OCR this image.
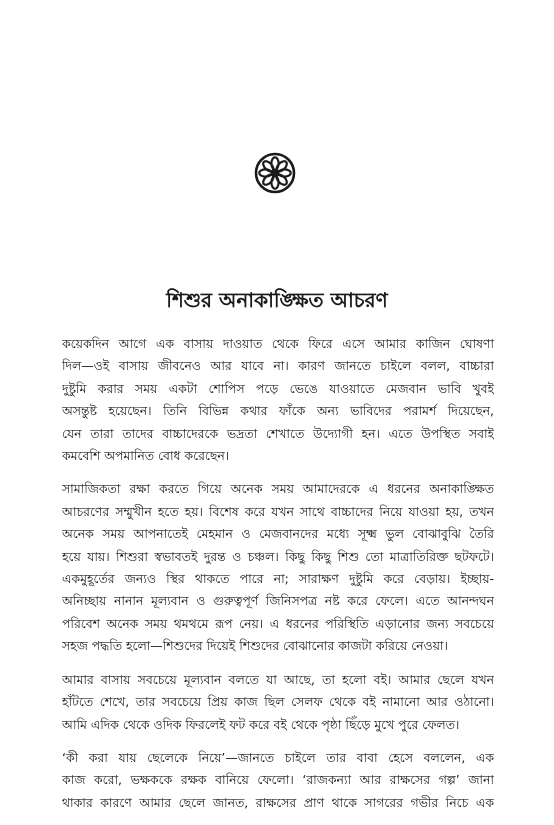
শিশুর অনাকাঙ্ক্ষিত আচরণ

কয়েকদিন আগে এক বাসায় দাওয়াত থেকে ফিরে এসে আমার কাজিন ঘোষণা
দিল—ওই বাসায় জীবনেও আর যাবে না। কারণ জানতে চাইলে বলল, বাচ্চারা
দুষ্টুমি করার সময় একটা শোপিস পড়ে ভেঙে যাওয়াতে মেজবান ভাবি খুবই
অসন্তুষ্ট হয়েছেন। তিনি বিভিন্ন কথার ফাঁকে অন্য ভাবিদের পরামর্শ দিয়েছেন,
যেন তারা তাদের বাচ্চাদেরকে ভদ্রতা শেখাতে উদ্যোগী হন। এতে উপস্থিত সবাই
কমবেশি অপমানিত বোধ করেছেন।

সামাজিকতা রক্ষা করতে গিয়ে অনেক সময় আমাদেরকে এ ধরনের অনাকাঙ্ক্ষিত
আচরণের সম্মুখীন হতে হয়। বিশেষ করে যখন সাথে বাচ্চাদের নিয়ে যাওয়া হয়, তখন
অনেক সময় আপনাতেই মেহমান ও মেজবানদের মধ্যে সূক্ষ্ম ভুল বোঝাবুঝি তৈরি
হয়ে যায়। শিশুরা স্বভাবতই দুরন্ত ও চঞ্চল। কিছু কিছু শিশু তো মাত্রাতিরিক্ত ছটফটে।
একমুহূর্তের জন্যও স্থির থাকতে পারে না; সারাক্ষণ দুষ্টুমি করে বেড়ায়। ইচ্ছায়-
অনিচ্ছায় নানান মূল্যবান ও গুরুত্বপূর্ণ জিনিসপত্র নষ্ট করে ফেলে। এতে আনন্দঘন
পরিবেশ অনেক সময় থমথমে রূপ নেয়। এ ধরনের পরিস্থিতি এড়ানোর জন্য সবচেয়ে
সহজ পদ্ধতি হলো—শিশুদের দিয়েই শিশুদের বোঝানোর কাজটা করিয়ে নেওয়া।

আমার বাসায় সবচেয়ে মূল্যবান বলতে যা আছে, তা হলো বই। আমার ছেলে যখন
হাঁটতে শেখে, তার সবচেয়ে প্রিয় কাজ ছিল সেলফ থেকে বই নামানো আর ওঠানো।
আমি এদিক থেকে ওদিক ফিরলেই ফট করে বই থেকে পৃষ্ঠা ছিঁড়ে মুখে পুরে ফেলত।

‘কী করা যায় ছেলেকে নিয়ে’—জানতে চাইলে তার বাবা হেসে বললেন, এক
কাজ করো, ভক্ষককে রক্ষক বানিয়ে ফেলো। ‘রাজকন্যা আর রাক্ষসের গল্প’ জানা
থাকার কারণে আমার ছেলে জানত, রাক্ষসের প্রাণ থাকে সাগরের গভীর নিচে এক
